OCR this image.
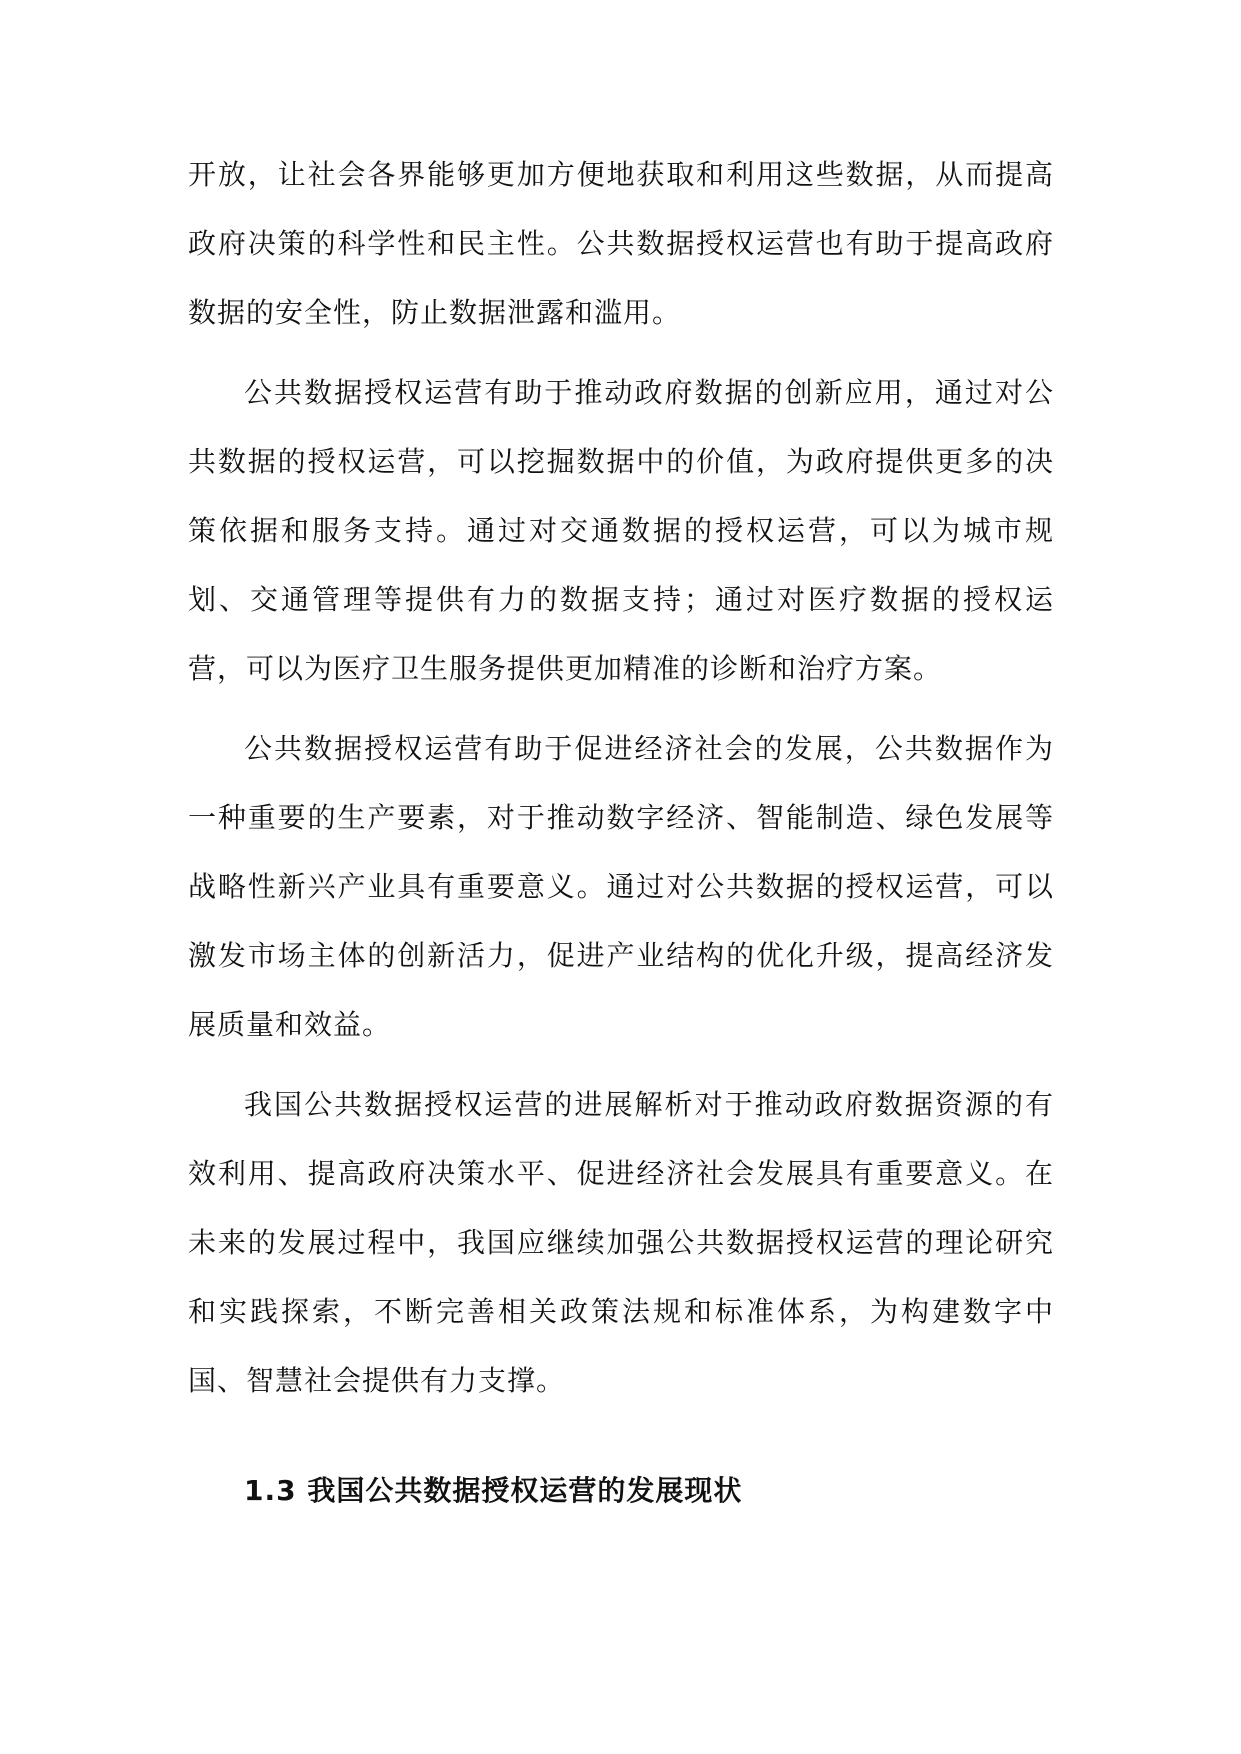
开放，让社会各界能够更加方便地获取和利用这些数据，从而提高政府决策的科学性和民主性。公共数据授权运营也有助于提高政府数据的安全性，防止数据泄露和滥用。

公共数据授权运营有助于推动政府数据的创新应用，通过对公共数据的授权运营，可以挖掘数据中的价值，为政府提供更多的决策依据和服务支持。通过对交通数据的授权运营，可以为城市规划、交通管理等提供有力的数据支持；通过对医疗数据的授权运营，可以为医疗卫生服务提供更加精准的诊断和治疗方案。

公共数据授权运营有助于促进经济社会的发展，公共数据作为一种重要的生产要素，对于推动数字经济、智能制造、绿色发展等战略性新兴产业具有重要意义。通过对公共数据的授权运营，可以激发市场主体的创新活力，促进产业结构的优化升级，提高经济发展质量和效益。

我国公共数据授权运营的进展解析对于推动政府数据资源的有效利用、提高政府决策水平、促进经济社会发展具有重要意义。在未来的发展过程中，我国应继续加强公共数据授权运营的理论研究和实践探索，不断完善相关政策法规和标准体系，为构建数字中国、智慧社会提供有力支撑。

1.3 我国公共数据授权运营的发展现状
